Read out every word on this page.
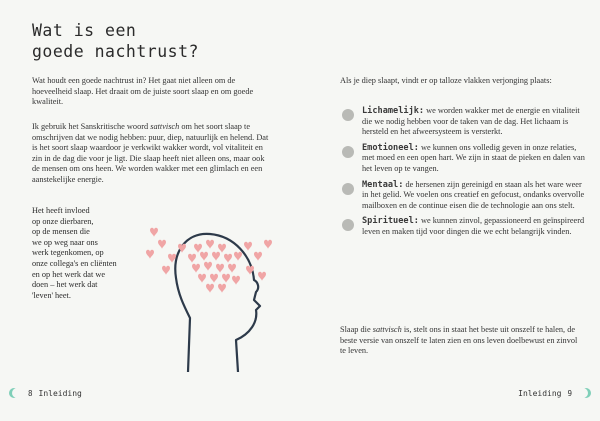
Wat is een
goede nachtrust?

Wat houdt een goede nachtrust in? Het gaat niet alleen om de hoeveelheid slaap. Het draait om de juiste soort slaap en om goede kwaliteit.

Ik gebruik het Sanskritische woord sattvisch om het soort slaap te omschrijven dat we nodig hebben: puur, diep, natuurlijk en helend. Dat is het soort slaap waardoor je verkwikt wakker wordt, vol vitaliteit en zin in de dag die voor je ligt. Die slaap heeft niet alleen ons, maar ook de mensen om ons heen. We worden wakker met een glimlach en een aanstekelijke energie.

Het heeft invloed
op onze dierbaren,
op de mensen die
we op weg naar ons
werk tegenkomen, op
onze collega's en cliënten
en op het werk dat we
doen – het werk dat
'leven' heet.
8 Inleiding

Als je diep slaapt, vindt er op talloze vlakken verjonging plaats:

Lichamelijk: we worden wakker met de energie en vitaliteit die we nodig hebben voor de taken van de dag. Het lichaam is hersteld en het afweersysteem is versterkt.

Emotioneel: we kunnen ons volledig geven in onze relaties, met moed en een open hart. We zijn in staat de pieken en dalen van het leven op te vangen.

Mentaal: de hersenen zijn gereinigd en staan als het ware weer in het gelid. We voelen ons creatief en gefocust, ondanks overvolle mailboxen en de continue eisen die de technologie aan ons stelt.

Spiritueel: we kunnen zinvol, gepassioneerd en geïnspireerd leven en maken tijd voor dingen die we echt belangrijk vinden.

Slaap die sattvisch is, stelt ons in staat het beste uit onszelf te halen, de beste versie van onszelf te laten zien en ons leven doelbewust en zinvol te leven.

Inleiding 9
